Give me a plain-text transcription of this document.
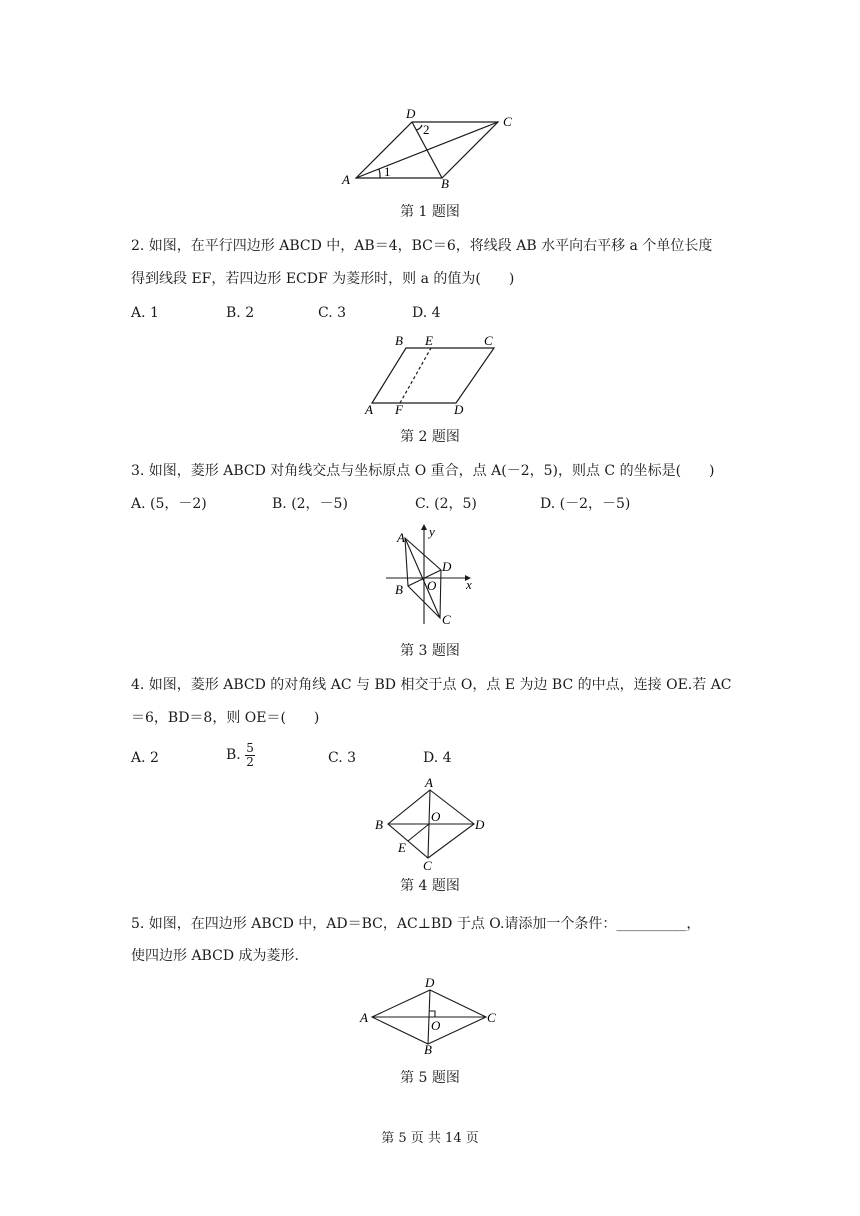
A	B
C
D
1
2
第 1 题图
2. 如图，在平行四边形 ABCD 中，AB＝4，BC＝6，将线段 AB 水平向右平移 a 个单位长度
得到线段 EF，若四边形 ECDF 为菱形时，则 a 的值为(　　)
A. 1	B. 2	C. 3	D. 4
A
B	C
D
E
F
第 2 题图
3. 如图，菱形 ABCD 对角线交点与坐标原点 O 重合，点 A(－2，5)，则点 C 的坐标是(　　)
A. (5，－2)	B. (2，－5)	C. (2，5)	D. (－2，－5)
A
B
C
D
O x
y
第 3 题图
4. 如图，菱形 ABCD 的对角线 AC 与 BD 相交于点 O，点 E 为边 BC 的中点，连接 OE.若 AC
＝6，BD＝8，则 OE＝(　　)
A. 2	B. $\frac{5}{2}$	C. 3	D. 4
A
B
C
D
E
O
第 4 题图
5. 如图，在四边形 ABCD 中，AD＝BC，AC⊥BD 于点 O.请添加一个条件：__________，
使四边形 ABCD 成为菱形.
A
B
C
D
O
第 5 题图
第 5 页 共 14 页
